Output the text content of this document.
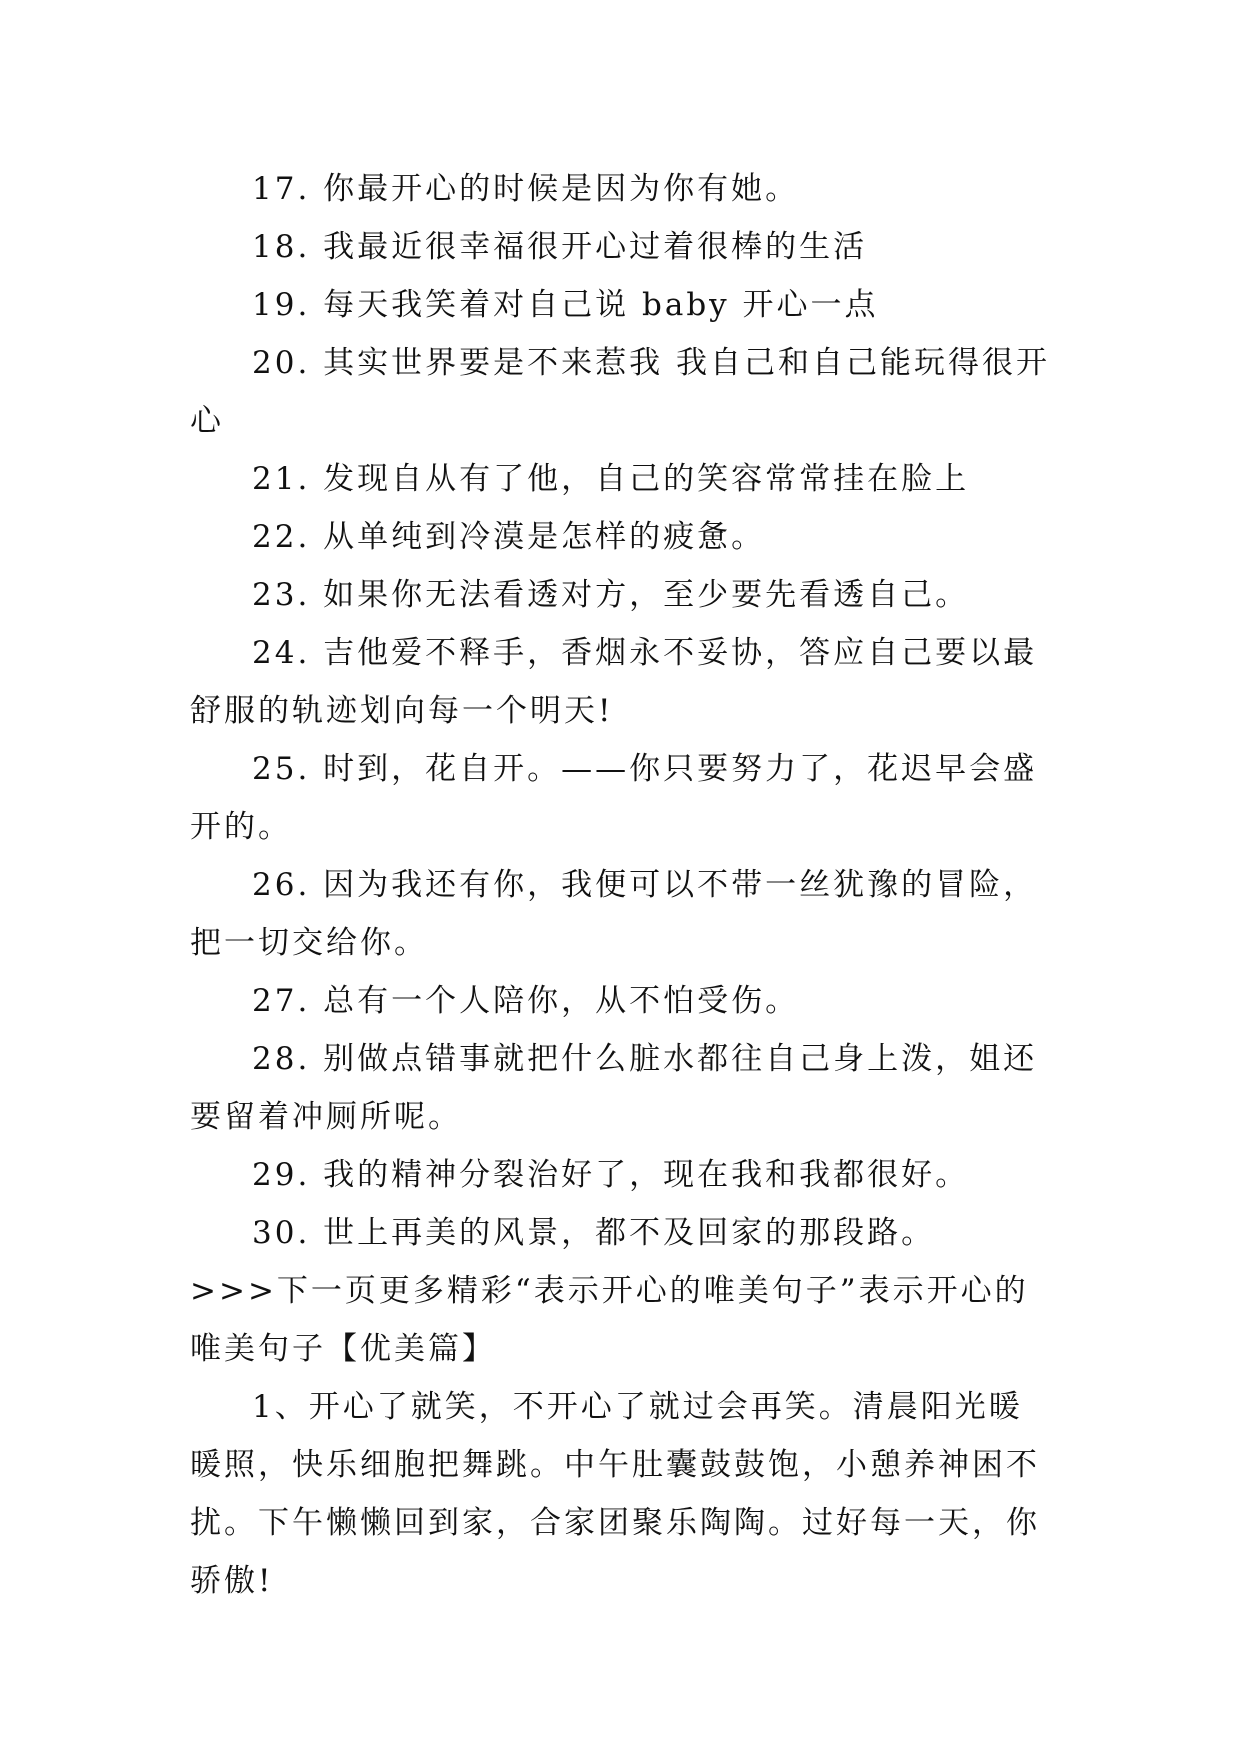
17. 你最开心的时候是因为你有她。

18. 我最近很幸福很开心过着很棒的生活

19. 每天我笑着对自己说 baby 开心一点

20. 其实世界要是不来惹我 我自己和自己能玩得很开心

21. 发现自从有了他，自己的笑容常常挂在脸上

22. 从单纯到冷漠是怎样的疲惫。

23. 如果你无法看透对方，至少要先看透自己。

24. 吉他爱不释手，香烟永不妥协，答应自己要以最舒服的轨迹划向每一个明天!

25. 时到，花自开。——你只要努力了，花迟早会盛开的。

26. 因为我还有你，我便可以不带一丝犹豫的冒险，把一切交给你。

27. 总有一个人陪你，从不怕受伤。

28. 别做点错事就把什么脏水都往自己身上泼，姐还要留着冲厕所呢。

29. 我的精神分裂治好了，现在我和我都很好。

30. 世上再美的风景，都不及回家的那段路。

>>>下一页更多精彩“表示开心的唯美句子”表示开心的唯美句子【优美篇】

1、开心了就笑，不开心了就过会再笑。清晨阳光暖暖照，快乐细胞把舞跳。中午肚囊鼓鼓饱，小憩养神困不扰。下午懒懒回到家，合家团聚乐陶陶。过好每一天，你骄傲!
